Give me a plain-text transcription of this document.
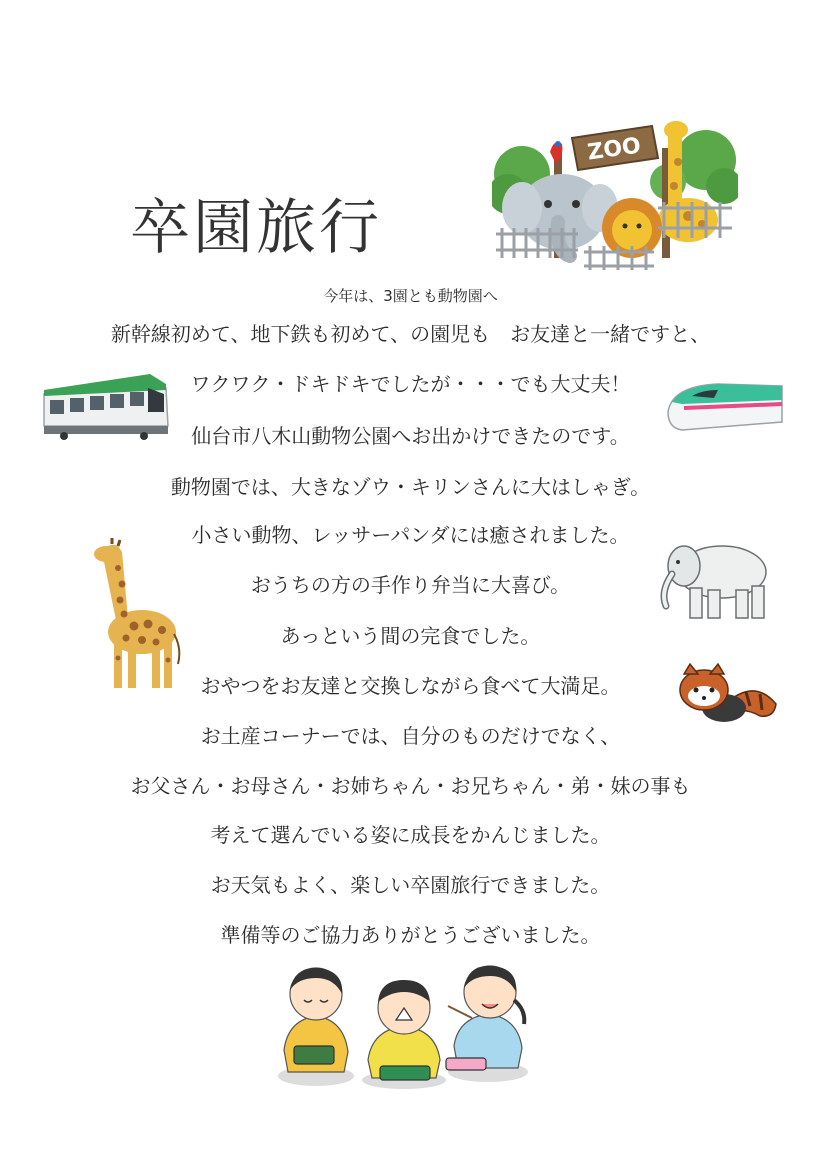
卒園旅行
ZOO
今年は、3園とも動物園へ
新幹線初めて、地下鉄も初めて、の園児も　お友達と一緒ですと、
ワクワク・ドキドキでしたが・・・でも大丈夫！
仙台市八木山動物公園へお出かけできたのです。
動物園では、大きなゾウ・キリンさんに大はしゃぎ。
小さい動物、レッサーパンダには癒されました。
おうちの方の手作り弁当に大喜び。
あっという間の完食でした。
おやつをお友達と交換しながら食べて大満足。
お土産コーナーでは、自分のものだけでなく、
お父さん・お母さん・お姉ちゃん・お兄ちゃん・弟・妹の事も
考えて選んでいる姿に成長をかんじました。
お天気もよく、楽しい卒園旅行できました。
準備等のご協力ありがとうございました。
